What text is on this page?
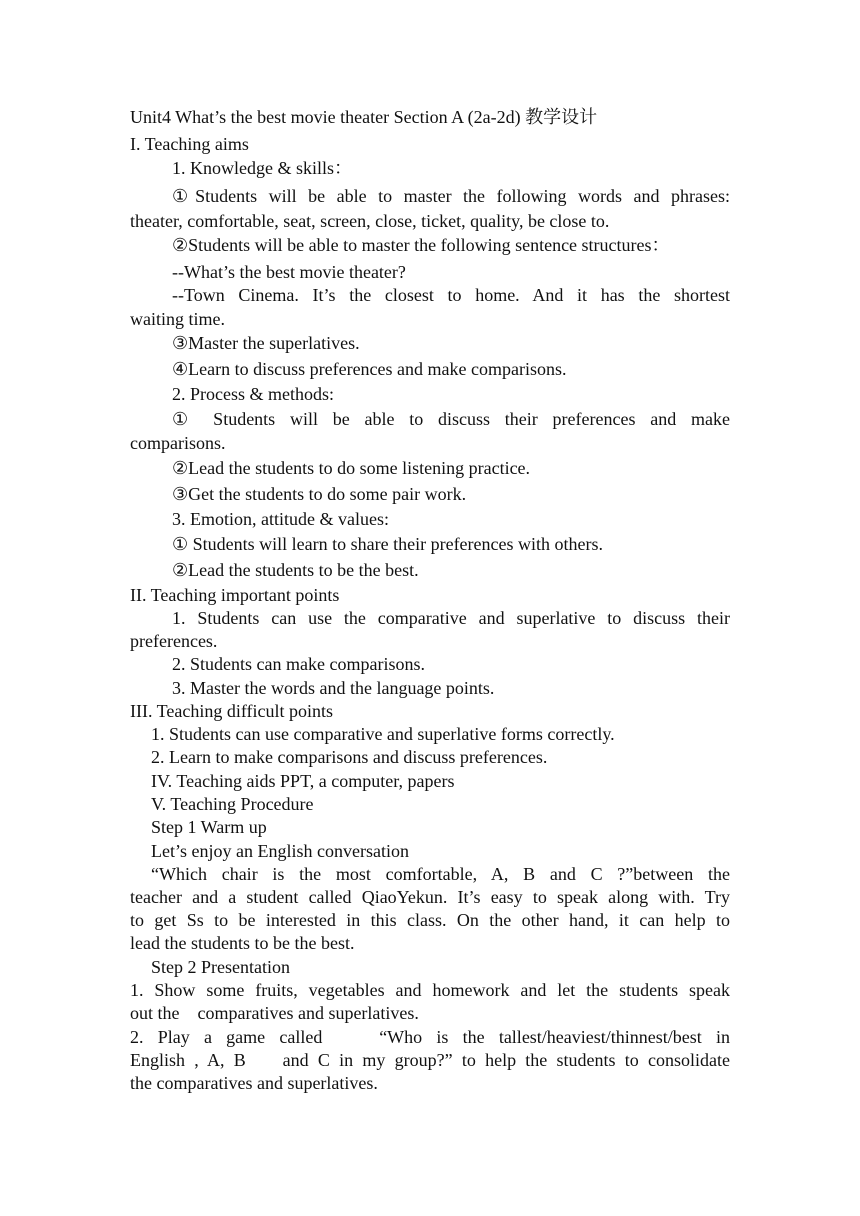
Unit4 What’s the best movie theater Section A (2a-2d) 教学设计
I. Teaching aims
1. Knowledge & skills：
①Students will be able to master the following words and phrases:
theater, comfortable, seat, screen, close, ticket, quality, be close to.
②Students will be able to master the following sentence structures：
--What’s the best movie theater?
--Town Cinema. It’s the closest to home. And it has the shortest
waiting time.
③Master the superlatives.
④Learn to discuss preferences and make comparisons.
2. Process & methods:
① Students will be able to discuss their preferences and make
comparisons.
②Lead the students to do some listening practice.
③Get the students to do some pair work.
3. Emotion, attitude & values:
① Students will learn to share their preferences with others.
②Lead the students to be the best.
II. Teaching important points
1. Students can use the comparative and superlative to discuss their
preferences.
2. Students can make comparisons.
3. Master the words and the language points.
III. Teaching difficult points
1. Students can use comparative and superlative forms correctly.
2. Learn to make comparisons and discuss preferences.
IV. Teaching aids PPT, a computer, papers
V. Teaching Procedure
Step 1 Warm up
Let’s enjoy an English conversation
“Which chair is the most comfortable, A, B and C ?”between the
teacher and a student called QiaoYekun. It’s easy to speak along with. Try
to get Ss to be interested in this class. On the other hand, it can help to
lead the students to be the best.
Step 2 Presentation
1. Show some fruits, vegetables and homework and let the students speak
out the    comparatives and superlatives.
2. Play a game called    “Who is the tallest/heaviest/thinnest/best in
English , A, B    and C in my group?” to help the students to consolidate
the comparatives and superlatives.
